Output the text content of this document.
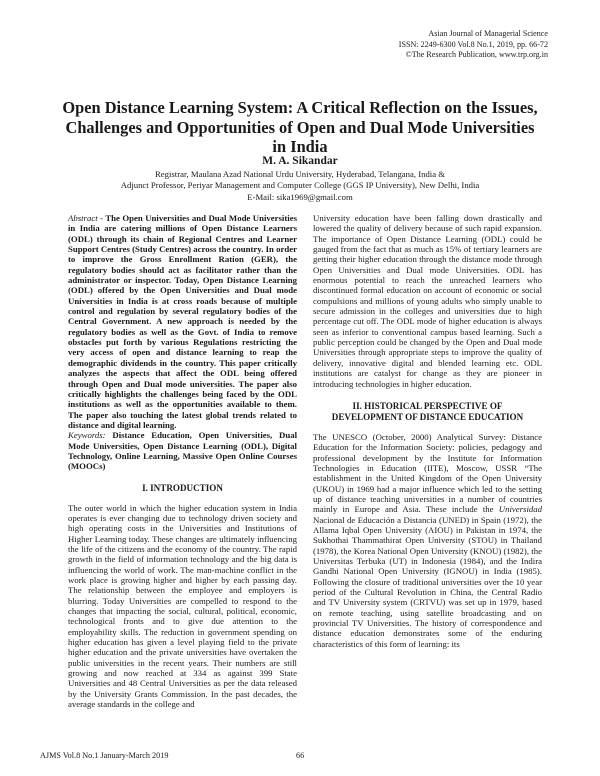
Asian Journal of Managerial Science
ISSN: 2249-6300 Vol.8 No.1, 2019, pp. 66-72
©The Research Publication, www.trp.org.in
Open Distance Learning System: A Critical Reflection on the Issues, Challenges and Opportunities of Open and Dual Mode Universities in India
M. A. Sikandar
Registrar, Maulana Azad National Urdu University, Hyderabad, Telangana, India &
Adjunct Professor, Periyar Management and Computer College (GGS IP University), New Delhi, India
E-Mail: sika1969@gmail.com

Abstract - The Open Universities and Dual Mode Universities in India are catering millions of Open Distance Learners (ODL) through its chain of Regional Centres and Learner Support Centres (Study Centres) across the country. In order to improve the Gross Enrollment Ration (GER), the regulatory bodies should act as facilitator rather than the administrator or inspector. Today, Open Distance Learning (ODL) offered by the Open Universities and Dual mode Universities in India is at cross roads because of multiple control and regulation by several regulatory bodies of the Central Government. A new approach is needed by the regulatory bodies as well as the Govt. of India to remove obstacles put forth by various Regulations restricting the very access of open and distance learning to reap the demographic dividends in the country. This paper critically analyzes the aspects that affect the ODL being offered through Open and Dual mode universities. The paper also critically highlights the challenges being faced by the ODL institutions as well as the opportunities available to them. The paper also touching the latest global trends related to distance and digital learning.

Keywords: Distance Education, Open Universities, Dual Mode Universities, Open Distance Learning (ODL), Digital Technology, Online Learning, Massive Open Online Courses (MOOCs)

I. INTRODUCTION

The outer world in which the higher education system in India operates is ever changing due to technology driven society and high operating costs in the Universities and Institutions of Higher Learning today. These changes are ultimately influencing the life of the citizens and the economy of the country. The rapid growth in the field of information technology and the big data is influencing the world of work. The man-machine conflict in the work place is growing higher and higher by each passing day. The relationship between the employee and employers is blurring. Today Universities are compelled to respond to the changes that impacting the social, cultural, political, economic, technological fronts and to give due attention to the employability skills. The reduction in government spending on higher education has given a level playing field to the private higher education and the private universities have overtaken the public universities in the recent years. Their numbers are still growing and now reached at 334 as against 399 State Universities and 48 Central Universities as per the data released by the University Grants Commission. In the past decades, the average standards in the college and

University education have been falling down drastically and lowered the quality of delivery because of such rapid expansion. The importance of Open Distance Learning (ODL) could be gauged from the fact that as much as 15% of tertiary learners are getting their higher education through the distance mode through Open Universities and Dual mode Universities. ODL has enormous potential to reach the unreached learners who discontinued formal education on account of economic or social compulsions and millions of young adults who simply unable to secure admission in the colleges and universities due to high percentage cut off. The ODL mode of higher education is always seen as inferior to conventional campus based learning. Such a public perception could be changed by the Open and Dual mode Universities through appropriate steps to improve the quality of delivery, innovative digital and blended learning etc. ODL institutions are catalyst for change as they are pioneer in introducing technologies in higher education.

II. HISTORICAL PERSPECTIVE OF
DEVELOPMENT OF DISTANCE EDUCATION

The UNESCO (October, 2000) Analytical Survey: Distance Education for the Information Society: policies, pedagogy and professional development by the Institute for Information Technologies in Education (IITE), Moscow, USSR “The establishment in the United Kingdom of the Open University (UKOU) in 1969 had a major influence which led to the setting up of distance teaching universities in a number of countries mainly in Europe and Asia. These include the Universidad Nacional de Educación a Distancia (UNED) in Spain (1972), the Allama Iqbal Open University (AIOU) in Pakistan in 1974, the Sukhothai Thammathirat Open University (STOU) in Thailand (1978), the Korea National Open University (KNOU) (1982), the Universitas Terbuka (UT) in Indonesia (1984), and the Indira Gandhi National Open University (IGNOU) in India (1985). Following the closure of traditional universities over the 10 year period of the Cultural Revolution in China, the Central Radio and TV University system (CRTVU) was set up in 1979, based on remote teaching, using satellite broadcasting and on provincial TV Universities. The history of correspondence and distance education demonstrates some of the enduring characteristics of this form of learning: its

AJMS Vol.8 No.1 January-March 2019	66
